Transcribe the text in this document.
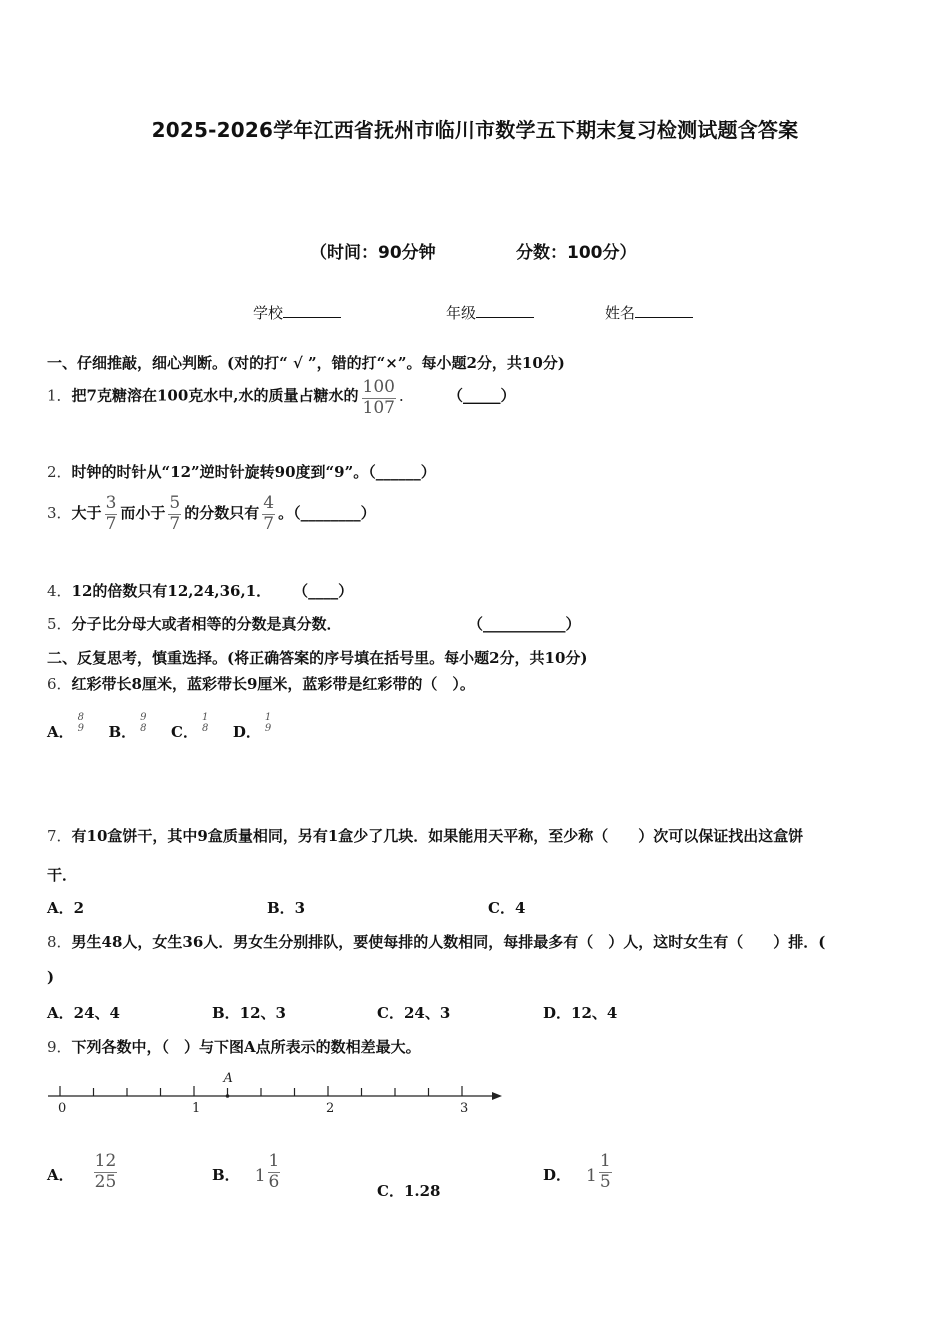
2025-2026学年江西省抚州市临川市数学五下期末复习检测试题含答案
（时间：90分钟	分数：100分）
学校	年级	姓名
一、仔细推敲，细心判断。(对的打“ √ ”，错的打“×”。每小题2分，共10分)
1．把7克糖溶在100克水中,水的质量占糖水的 $\frac{100}{107}$ ． （_____）
2．时钟的时针从“12”逆时针旋转90度到“9”。（______）
3．大于 $\frac{3}{7}$ 而小于 $\frac{5}{7}$ 的分数只有 $\frac{4}{7}$ 。（________）
4．12的倍数只有12,24,36,1． （____）
5．分子比分母大或者相等的分数是真分数．	（___________）
二、反复思考，慎重选择。(将正确答案的序号填在括号里。每小题2分，共10分)
6．红彩带长8厘米，蓝彩带长9厘米，蓝彩带是红彩带的（　）。
A．
8
9 B．
9
8 C．
1
8 D．
1
9
7．有10盒饼干，其中9盒质量相同，另有1盒少了几块．如果能用天平称，至少称（　　）次可以保证找出这盒饼
干．
A．2	B．3	C．4
8．男生48人，女生36人．男女生分别排队，要使每排的人数相同，每排最多有（　）人，这时女生有（　　）排．(
)
A．24、4	B．12、3	C．24、3	D．12、4
9．下列各数中，（　）与下图A点所表示的数相差最大。
0	1	2	3
A
A． $\frac{12}{25}$	B． $1 \frac{1}{6}$	C．1.28
D． $1 \frac{1}{5}$
